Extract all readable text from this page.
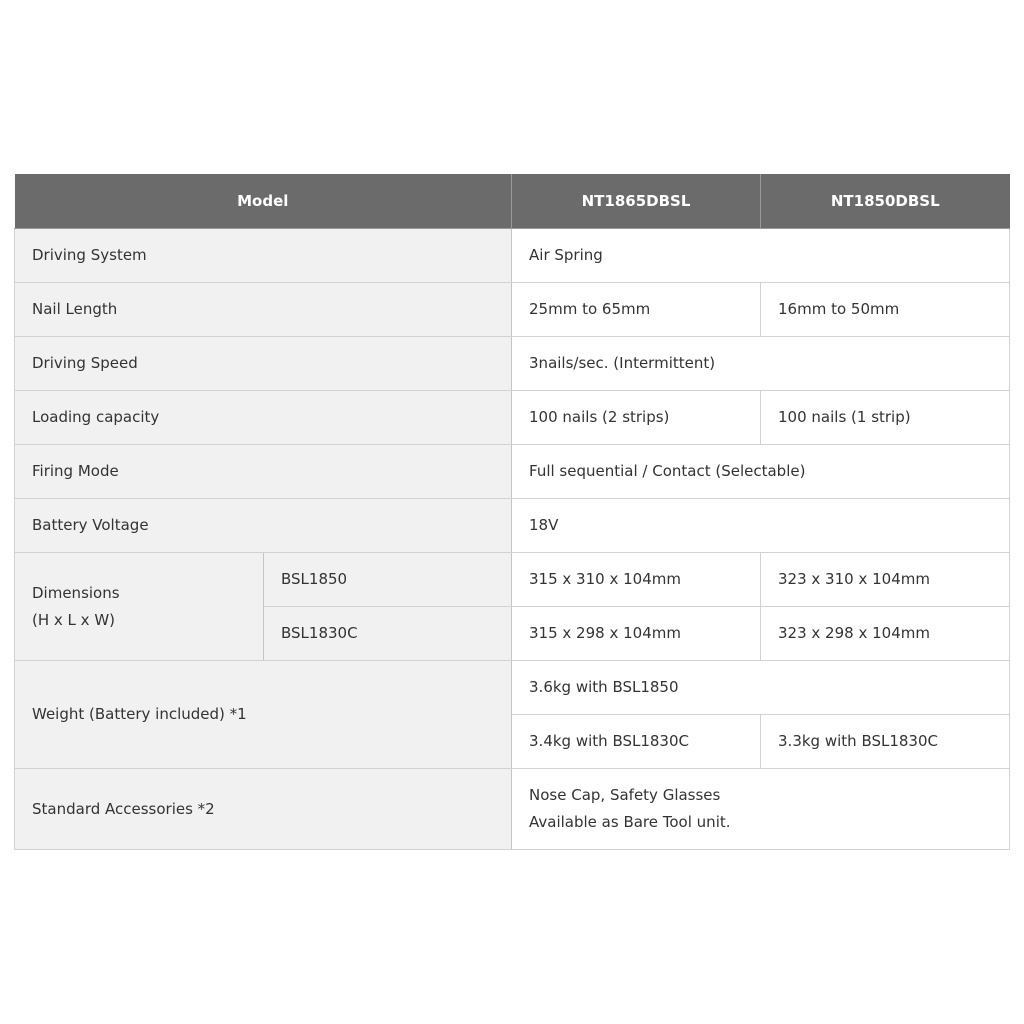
Model		NT1865DBSL	NT1850DBSL
Driving System		Air Spring	
Nail Length		25mm to 65mm	16mm to 50mm
Driving Speed		3nails/sec. (Intermittent)	
Loading capacity		100 nails (2 strips)	100 nails (1 strip)
Firing Mode		Full sequential / Contact (Selectable)	
Battery Voltage		18V	
Dimensions
(H x L x W)	BSL1850	315 x 310 x 104mm	323 x 310 x 104mm
	BSL1830C	315 x 298 x 104mm	323 x 298 x 104mm
Weight (Battery included) *1		3.6kg with BSL1850	
		3.4kg with BSL1830C	3.3kg with BSL1830C
Standard Accessories *2		Nose Cap, Safety Glasses
Available as Bare Tool unit.	
